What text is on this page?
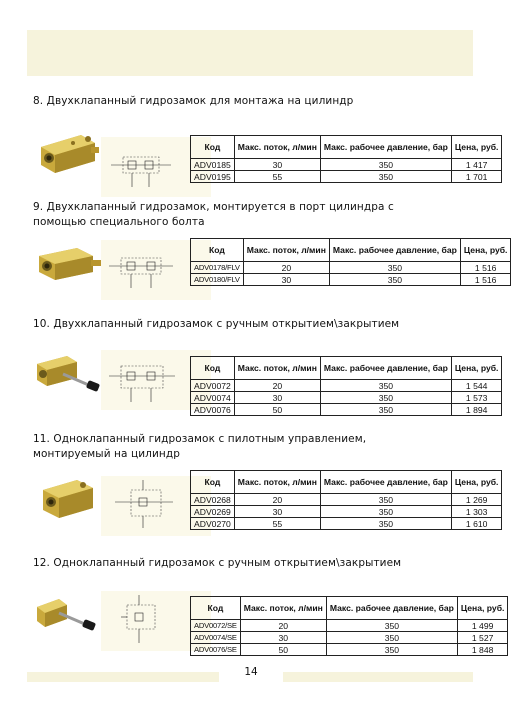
8. Двухклапанный гидрозамок для монтажа на цилиндр
Код	Макс. поток, л/мин	Макс. рабочее давление, бар	Цена, руб.
ADV0185	30	350	1 417
ADV0195	55	350	1 701
9. Двухклапанный гидрозамок, монтируется в порт цилиндра с
помощью специального болта
Код	Макс. поток, л/мин	Макс. рабочее давление, бар	Цена, руб.
ADV0178/FLV	20	350	1 516
ADV0180/FLV	30	350	1 516
10. Двухклапанный гидрозамок с ручным открытием\закрытием
Код	Макс. поток, л/мин	Макс. рабочее давление, бар	Цена, руб.
ADV0072	20	350	1 544
ADV0074	30	350	1 573
ADV0076	50	350	1 894
11. Одноклапанный гидрозамок с пилотным управлением,
монтируемый на цилиндр
Код	Макс. поток, л/мин	Макс. рабочее давление, бар	Цена, руб.
ADV0268	20	350	1 269
ADV0269	30	350	1 303
ADV0270	55	350	1 610
12. Одноклапанный гидрозамок с ручным открытием\закрытием
Код	Макс. поток, л/мин	Макс. рабочее давление, бар	Цена, руб.
ADV0072/SE	20	350	1 499
ADV0074/SE	30	350	1 527
ADV0076/SE	50	350	1 848
14
